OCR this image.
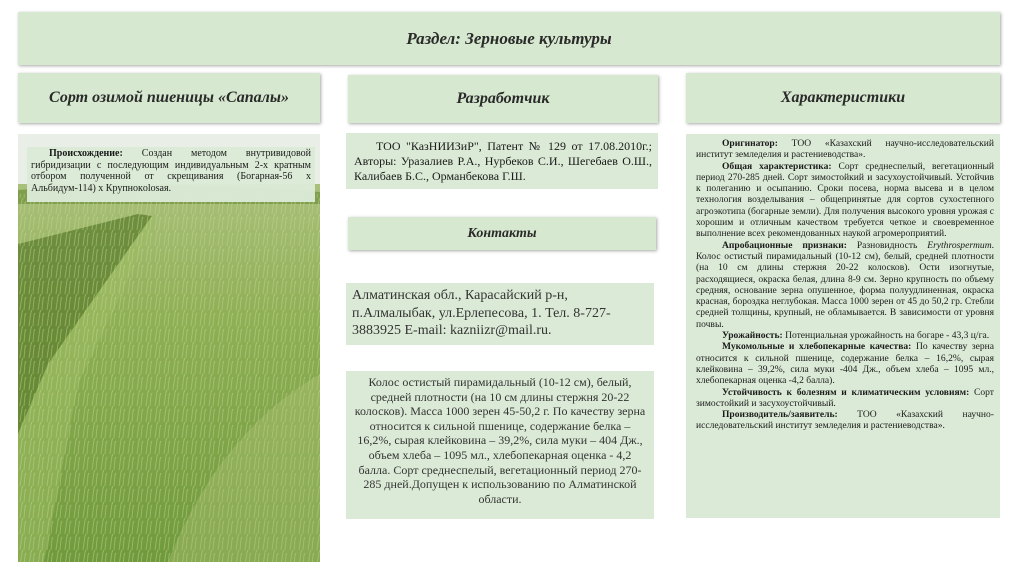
Раздел: Зерновые культуры
Сорт озимой пшеницы «Сапалы»	Разработчик	Характеристики
Происхождение: Создан методом внутривидовой гибридизации с последующим индивидуальным 2-х кратным отбором полученной от скрещивания (Богарная-56 х Альбидум-114) х Крупнокolosая.
ТОО "КазНИИЗиР", Патент № 129 от 17.08.2010г.; Авторы: Уразалиев Р.А., Нурбеков С.И., Шегебаев О.Ш., Калибаев Б.С., Орманбекова Г.Ш.
Контакты
Алматинская обл., Карасайский р-н, п.Алмалыбак, ул.Ерлепесова, 1. Тел. 8-727-3883925 E-mail: kazniizr@mail.ru.
Колос остистый пирамидальный (10-12 см), белый, средней плотности (на 10 см длины стержня 20-22 колосков). Масса 1000 зерен 45-50,2 г. По качеству зерна относится к сильной пшенице, содержание белка – 16,2%, сырая клейковина – 39,2%, сила муки – 404 Дж., объем хлеба – 1095 мл., хлебопекарная оценка - 4,2 балла. Сорт среднеспелый, вегетационный период 270-285 дней.Допущен к использованию по Алматинской области.

Оригинатор: ТОО «Казахский научно-исследовательский институт земледелия и растениеводства».

Общая характеристика: Сорт среднеспелый, вегетационный период 270-285 дней. Сорт зимостойкий и засухоустойчивый. Устойчив к полеганию и осыпанию. Сроки посева, норма высева и в целом технология возделывания – общепринятые для сортов сухостепного агроэкотипа (богарные земли). Для получения высокого уровня урожая с хорошим и отличным качеством требуется четкое и своевременное выполнение всех рекомендованных наукой агромероприятий.

Апробационные признаки: Разновидность Erythrospermum. Колос остистый пирамидальный (10-12 см), белый, средней плотности (на 10 см длины стержня 20-22 колосков). Ости изогнутые, расходящиеся, окраска белая, длина 8-9 см. Зерно крупность по объему средняя, основание зерна опушенное, форма полуудлиненная, окраска красная, бороздка неглубокая. Масса 1000 зерен от 45 до 50,2 гр. Стебли средней толщины, крупный, не обламывается. В зависимости от уровня почвы.

Урожайность: Потенциальная урожайность на богаре - 43,3 ц/га.

Мукомольные и хлебопекарные качества: По качеству зерна относится к сильной пшенице, содержание белка – 16,2%, сырая клейковина – 39,2%, сила муки -404 Дж., объем хлеба – 1095 мл., хлебопекарная оценка -4,2 балла).

Устойчивость к болезням и климатическим условиям: Сорт зимостойкий и засухоустойчивый.

Производитель/заявитель: ТОО «Казахский научно-исследовательский институт земледелия и растениеводства».
